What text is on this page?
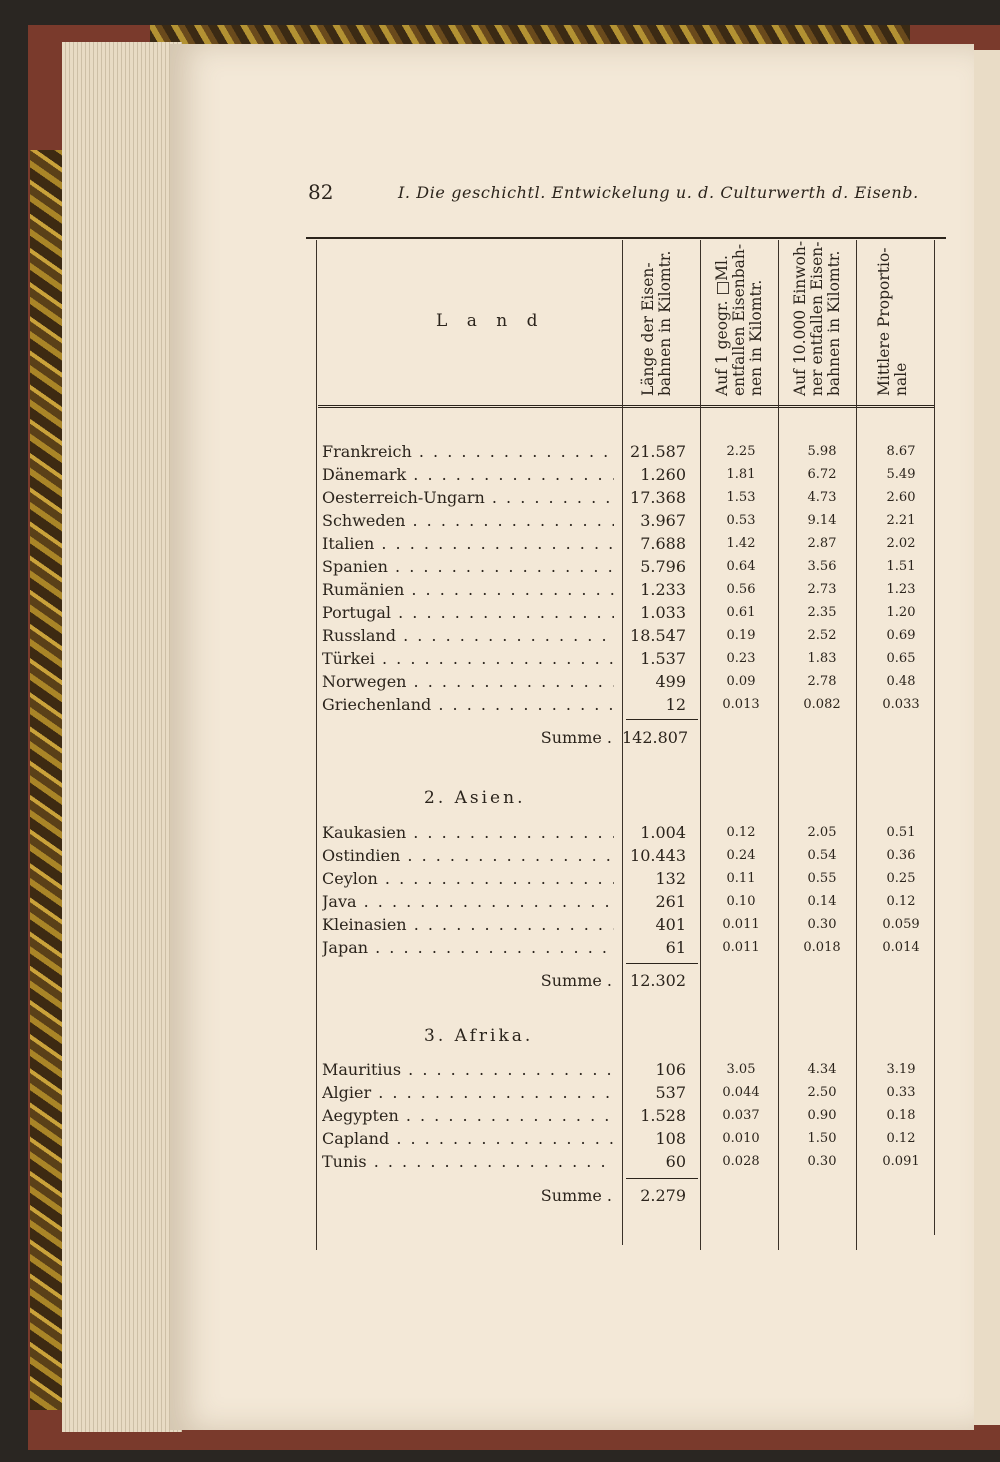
82	I. Die geschichtl. Entwickelung u. d. Culturwerth d. Eisenb.
L a n d	Länge der Eisen-bahnen in Kilomtr.	Auf 1 geogr. □Ml. entfallen Eisenbah-nen in Kilomtr.	Auf 10.000 Einwoh-ner entfallen Eisen-bahnen in Kilomtr.	Mittlere Proportio-nale
Frankreich . . .	21.587	2.25	5.98	8.67
Dänemark . . .	1.260	1.81	6.72	5.49
Oesterreich-Ungarn . . .	17.368	1.53	4.73	2.60
Schweden . . .	3.967	0.53	9.14	2.21
Italien . . .	7.688	1.42	2.87	2.02
Spanien . . .	5.796	0.64	3.56	1.51
Rumänien . . .	1.233	0.56	2.73	1.23
Portugal . . .	1.033	0.61	2.35	1.20
Russland . . .	18.547	0.19	2.52	0.69
Türkei . . .	1.537	0.23	1.83	0.65
Norwegen . . .	499	0.09	2.78	0.48
Griechenland . . .	12	0.013	0.082	0.033
Summe . 142.807
2. Asien.
Kaukasien . . .	1.004	0.12	2.05	0.51
Ostindien . . .	10.443	0.24	0.54	0.36
Ceylon . . .	132	0.11	0.55	0.25
Java . . .	261	0.10	0.14	0.12
Kleinasien . . .	401	0.011	0.30	0.059
Japan . . .	61	0.011	0.018	0.014
Summe .	12.302
3. Afrika.
Mauritius . . .	106	3.05	4.34	3.19
Algier . . .	537	0.044	2.50	0.33
Aegypten . . .	1.528	0.037	0.90	0.18
Capland . . .	108	0.010	1.50	0.12
Tunis . . .	60	0.028	0.30	0.091
Summe .	2.279
